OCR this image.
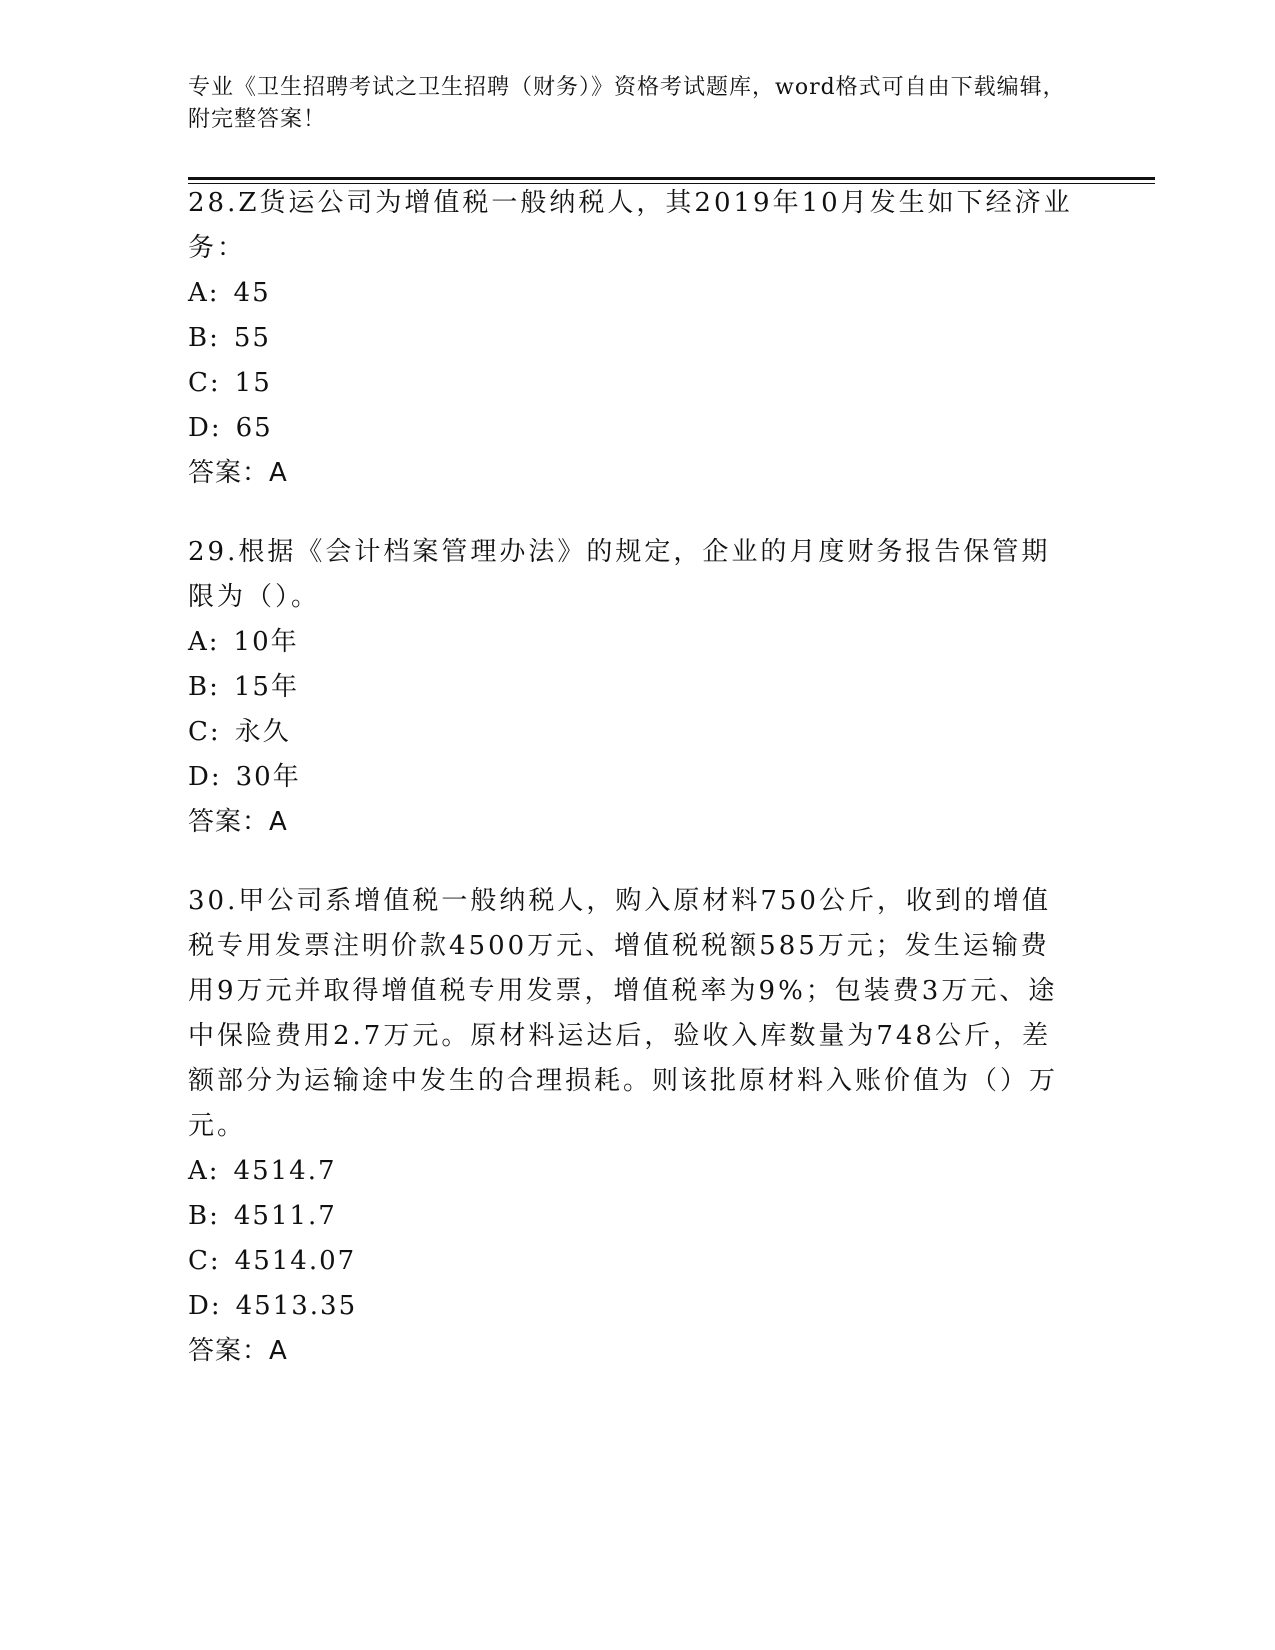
专业《卫生招聘考试之卫生招聘（财务）》资格考试题库，word格式可自由下载编辑，附完整答案！
28.Z货运公司为增值税一般纳税人，其2019年10月发生如下经济业务：
A: 45
B: 55
C: 15
D: 65
答案：A
29.根据《会计档案管理办法》的规定，企业的月度财务报告保管期限为（）。
A: 10年
B: 15年
C: 永久
D: 30年
答案：A
30.甲公司系增值税一般纳税人，购入原材料750公斤，收到的增值税专用发票注明价款4500万元、增值税税额585万元；发生运输费用9万元并取得增值税专用发票，增值税率为9%；包装费3万元、途中保险费用2.7万元。原材料运达后，验收入库数量为748公斤，差额部分为运输途中发生的合理损耗。则该批原材料入账价值为（）万元。
A: 4514.7
B: 4511.7
C: 4514.07
D: 4513.35
答案：A
